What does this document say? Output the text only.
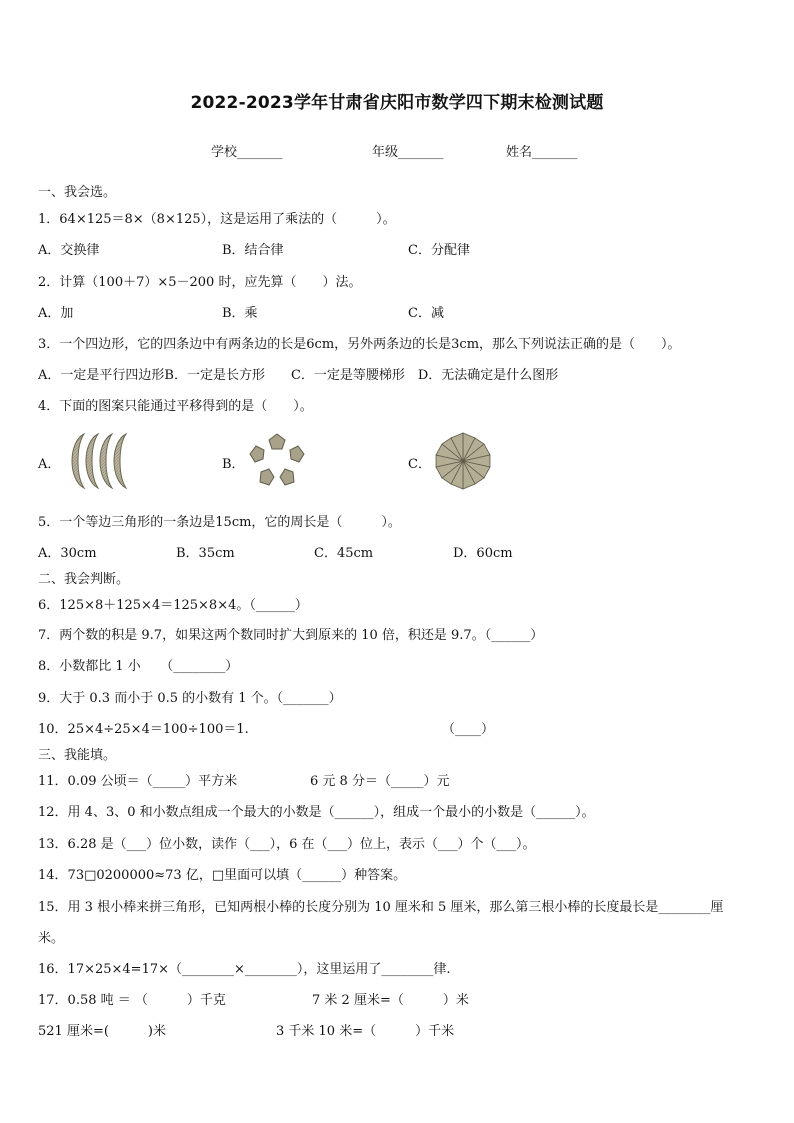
2022-2023学年甘肃省庆阳市数学四下期末检测试题
学校_______	年级_______	姓名_______
一、我会选。
1．64×125＝8×（8×125），这是运用了乘法的（　　　）。
A．交换律	B．结合律	C．分配律
2．计算（100＋7）×5－200 时，应先算（　　）法。
A．加	B．乘	C．减
3．一个四边形，它的四条边中有两条边的长是6cm，另外两条边的长是3cm，那么下列说法正确的是（　　）。
A．一定是平行四边形B．一定是长方形　　C．一定是等腰梯形　D．无法确定是什么图形
4．下面的图案只能通过平移得到的是（　　）。
A．	B．	C．
5．一个等边三角形的一条边是15cm，它的周长是（　　　）。
A．30cm	B．35cm	C．45cm	D．60cm
二、我会判断。
6．125×8＋125×4＝125×8×4。（______）
7．两个数的积是 9.7，如果这两个数同时扩大到原来的 10 倍，积还是 9.7。（______）
8．小数都比 1 小　　（________）
9．大于 0.3 而小于 0.5 的小数有 1 个。（_______）
10．25×4÷25×4＝100÷100＝1.	（____）
三、我能填。
11．0.09 公顷＝（_____）平方米	6 元 8 分＝（_____）元
12．用 4、3、0 和小数点组成一个最大的小数是（______），组成一个最小的小数是（______）。
13．6.28 是（___）位小数，读作（___），6 在（___）位上，表示（___）个（___）。
14．73□0200000≈73 亿，□里面可以填（______）种答案。
15．用 3 根小棒来拼三角形，已知两根小棒的长度分别为 10 厘米和 5 厘米，那么第三根小棒的长度最长是________厘
米。
16．17×25×4=17×（________×________），这里运用了________律.
17．0.58 吨 ＝ （　　　）千克	7 米 2 厘米=（　　　）米
521 厘米=(　　　)米	3 千米 10 米=（　　　）千米
